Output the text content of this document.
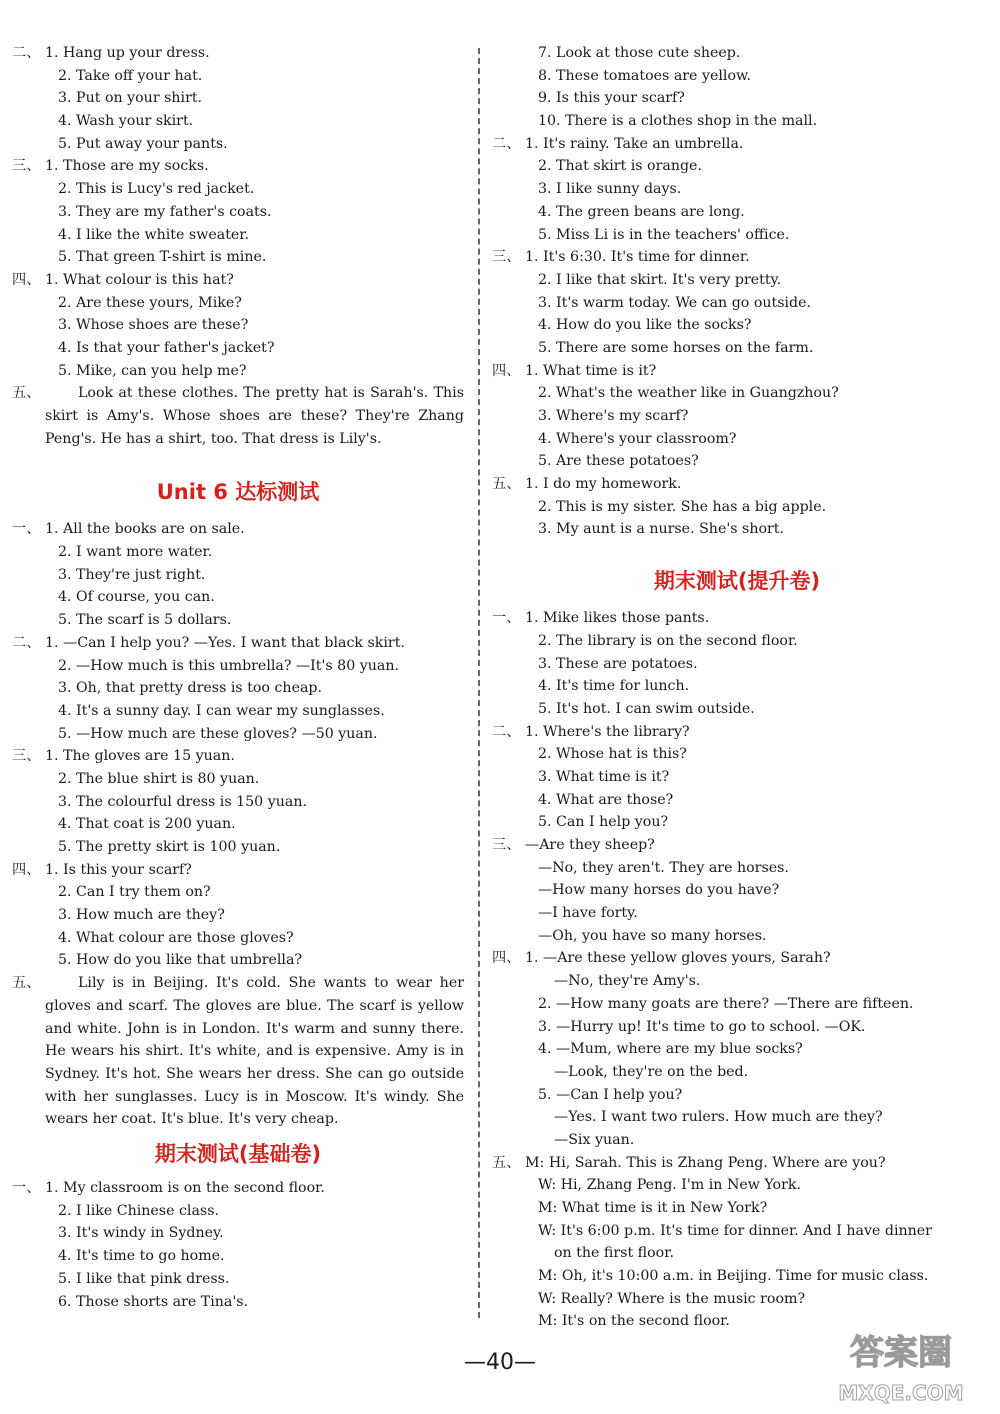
二、 1. Hang up your dress.
2. Take off your hat.
3. Put on your shirt.
4. Wash your skirt.
5. Put away your pants.
三、 1. Those are my socks.
2. This is Lucy's red jacket.
3. They are my father's coats.
4. I like the white sweater.
5. That green T-shirt is mine.
四、 1. What colour is this hat?
2. Are these yours, Mike?
3. Whose shoes are these?
4. Is that your father's jacket?
5. Mike, can you help me?
五、	Look at these clothes. The pretty hat is Sarah's. This skirt is Amy's. Whose shoes are these? They're Zhang Peng's. He has a shirt, too. That dress is Lily's.
Unit 6 达标测试
一、 1. All the books are on sale.
2. I want more water.
3. They're just right.
4. Of course, you can.
5. The scarf is 5 dollars.
二、 1. —Can I help you? —Yes. I want that black skirt.
2. —How much is this umbrella? —It's 80 yuan.
3. Oh, that pretty dress is too cheap.
4. It's a sunny day. I can wear my sunglasses.
5. —How much are these gloves? —50 yuan.
三、 1. The gloves are 15 yuan.
2. The blue shirt is 80 yuan.
3. The colourful dress is 150 yuan.
4. That coat is 200 yuan.
5. The pretty skirt is 100 yuan.
四、 1. Is this your scarf?
2. Can I try them on?
3. How much are they?
4. What colour are those gloves?
5. How do you like that umbrella?
五、	Lily is in Beijing. It's cold. She wants to wear her gloves and scarf. The gloves are blue. The scarf is yellow and white. John is in London. It's warm and sunny there. He wears his shirt. It's white, and is expensive. Amy is in Sydney. It's hot. She wears her dress. She can go outside with her sunglasses. Lucy is in Moscow. It's windy. She wears her coat. It's blue. It's very cheap.
期末测试(基础卷)
一、 1. My classroom is on the second floor.
2. I like Chinese class.
3. It's windy in Sydney.
4. It's time to go home.
5. I like that pink dress.
6. Those shorts are Tina's.
7. Look at those cute sheep.
8. These tomatoes are yellow.
9. Is this your scarf?
10. There is a clothes shop in the mall.
二、 1. It's rainy. Take an umbrella.
2. That skirt is orange.
3. I like sunny days.
4. The green beans are long.
5. Miss Li is in the teachers' office.
三、 1. It's 6:30. It's time for dinner.
2. I like that skirt. It's very pretty.
3. It's warm today. We can go outside.
4. How do you like the socks?
5. There are some horses on the farm.
四、 1. What time is it?
2. What's the weather like in Guangzhou?
3. Where's my scarf?
4. Where's your classroom?
5. Are these potatoes?
五、 1. I do my homework.
2. This is my sister. She has a big apple.
3. My aunt is a nurse. She's short.
期末测试(提升卷)
一、 1. Mike likes those pants.
2. The library is on the second floor.
3. These are potatoes.
4. It's time for lunch.
5. It's hot. I can swim outside.
二、 1. Where's the library?
2. Whose hat is this?
3. What time is it?
4. What are those?
5. Can I help you?
三、 —Are they sheep?
—No, they aren't. They are horses.
—How many horses do you have?
—I have forty.
—Oh, you have so many horses.
四、 1. —Are these yellow gloves yours, Sarah?
—No, they're Amy's.
2. —How many goats are there? —There are fifteen.
3. —Hurry up! It's time to go to school. —OK.
4. —Mum, where are my blue socks?
—Look, they're on the bed.
5. —Can I help you?
—Yes. I want two rulers. How much are they?
—Six yuan.
五、 M: Hi, Sarah. This is Zhang Peng. Where are you?
W: Hi, Zhang Peng. I'm in New York.
M: What time is it in New York?
W: It's 6:00 p.m. It's time for dinner. And I have dinner
on the first floor.
M: Oh, it's 10:00 a.m. in Beijing. Time for music class.
W: Really? Where is the music room?
M: It's on the second floor.
—40—	答案圈
MXQE.COM
